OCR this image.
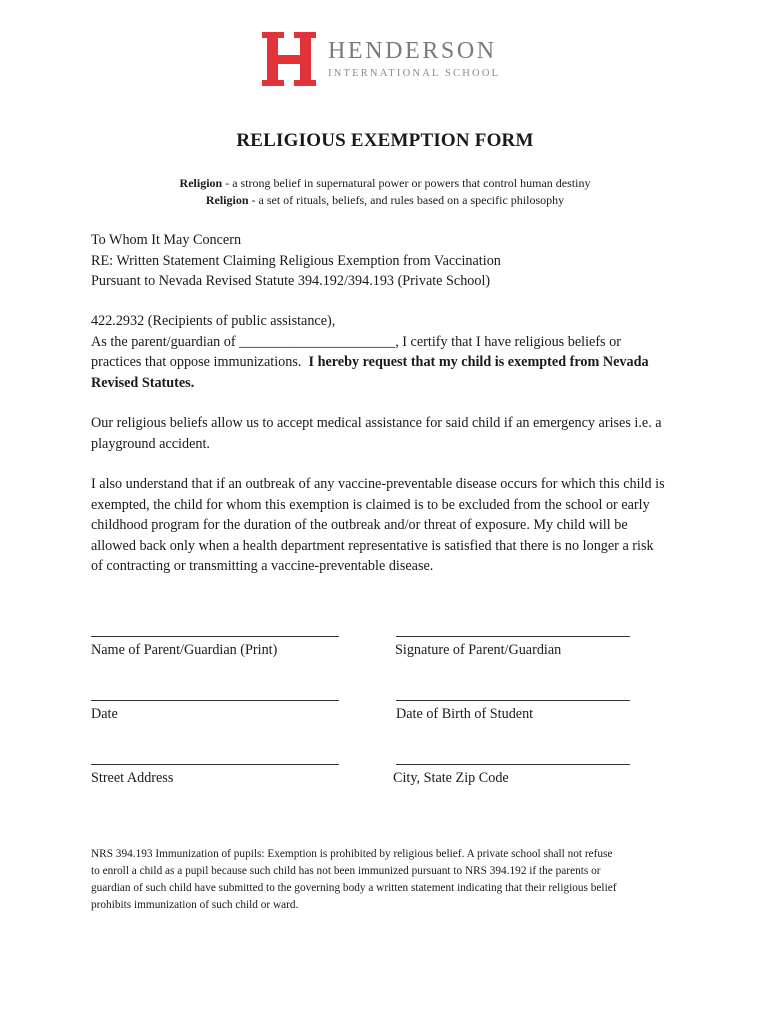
HENDERSON
INTERNATIONAL SCHOOL
RELIGIOUS EXEMPTION FORM
Religion - a strong belief in supernatural power or powers that control human destiny
Religion - a set of rituals, beliefs, and rules based on a specific philosophy
To Whom It May Concern
RE: Written Statement Claiming Religious Exemption from Vaccination
Pursuant to Nevada Revised Statute 394.192/394.193 (Private School)
422.2932 (Recipients of public assistance),
As the parent/guardian of ______________________, I certify that I have religious beliefs or
practices that oppose immunizations.  I hereby request that my child is exempted from Nevada
Revised Statutes.
Our religious beliefs allow us to accept medical assistance for said child if an emergency arises i.e. a
playground accident.
I also understand that if an outbreak of any vaccine-preventable disease occurs for which this child is
exempted, the child for whom this exemption is claimed is to be excluded from the school or early
childhood program for the duration of the outbreak and/or threat of exposure. My child will be
allowed back only when a health department representative is satisfied that there is no longer a risk
of contracting or transmitting a vaccine-preventable disease.
Name of Parent/Guardian (Print)	Signature of Parent/Guardian
Date	Date of Birth of Student
Street Address	City, State Zip Code
NRS 394.193 Immunization of pupils: Exemption is prohibited by religious belief. A private school shall not refuse
to enroll a child as a pupil because such child has not been immunized pursuant to NRS 394.192 if the parents or
guardian of such child have submitted to the governing body a written statement indicating that their religious belief
prohibits immunization of such child or ward.
